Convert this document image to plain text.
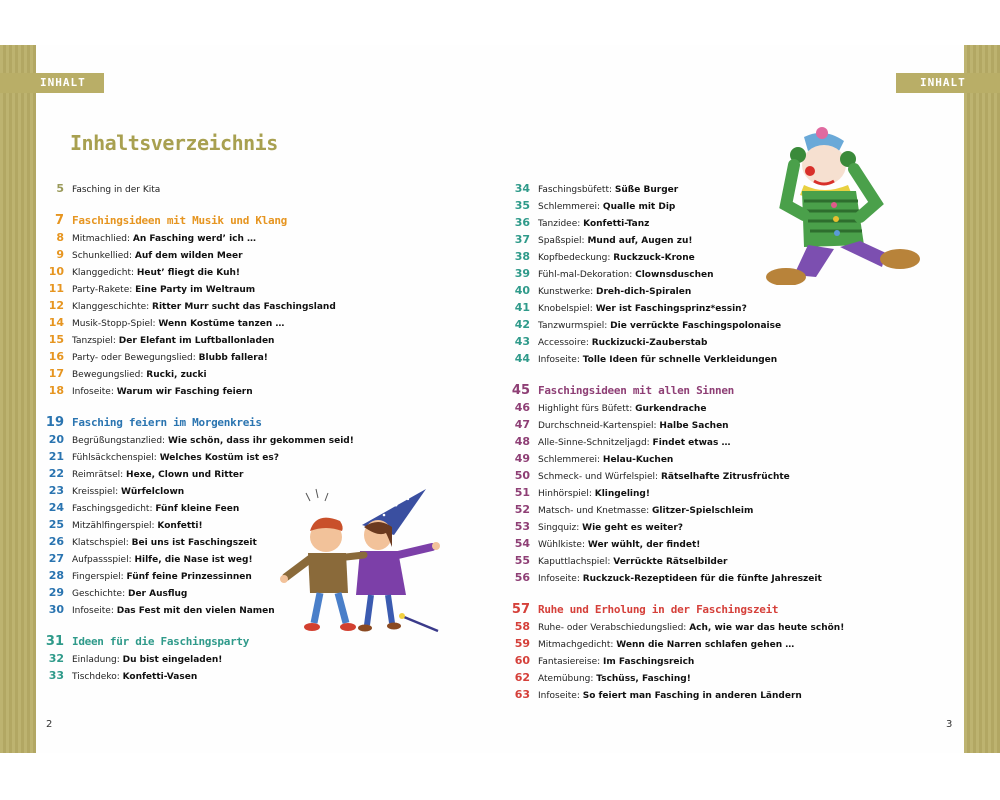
INHALT	INHALT
Inhaltsverzeichnis
5 Fasching in der Kita
7 Faschingsideen mit Musik und Klang
8 Mitmachlied: An Fasching werd’ ich …
9 Schunkellied: Auf dem wilden Meer
10 Klanggedicht: Heut’ fliegt die Kuh!
11 Party-Rakete: Eine Party im Weltraum
12 Klanggeschichte: Ritter Murr sucht das Faschingsland
14 Musik-Stopp-Spiel: Wenn Kostüme tanzen …
15 Tanzspiel: Der Elefant im Luftballonladen
16 Party- oder Bewegungslied: Blubb fallera!
17 Bewegungslied: Rucki, zucki
18 Infoseite: Warum wir Fasching feiern
19 Fasching feiern im Morgenkreis
20 Begrüßungstanzlied: Wie schön, dass ihr gekommen seid!
21 Fühlsäckchenspiel: Welches Kostüm ist es?
22 Reimrätsel: Hexe, Clown und Ritter
23 Kreisspiel: Würfelclown
24 Faschingsgedicht: Fünf kleine Feen
25 Mitzählfingerspiel: Konfetti!
26 Klatschspiel: Bei uns ist Faschingszeit
27 Aufpassspiel: Hilfe, die Nase ist weg!
28 Fingerspiel: Fünf feine Prinzessinnen
29 Geschichte: Der Ausflug
30 Infoseite: Das Fest mit den vielen Namen
31 Ideen für die Faschingsparty
32 Einladung: Du bist eingeladen!
33 Tischdeko: Konfetti-Vasen
34 Faschingsbüfett: Süße Burger
35 Schlemmerei: Qualle mit Dip
36 Tanzidee: Konfetti-Tanz
37 Spaßspiel: Mund auf, Augen zu!
38 Kopfbedeckung: Ruckzuck-Krone
39 Fühl-mal-Dekoration: Clownsduschen
40 Kunstwerke: Dreh-dich-Spiralen
41 Knobelspiel: Wer ist Faschingsprinz*essin?
42 Tanzwurmspiel: Die verrückte Faschingspolonaise
43 Accessoire: Ruckizucki-Zauberstab
44 Infoseite: Tolle Ideen für schnelle Verkleidungen
45 Faschingsideen mit allen Sinnen
46 Highlight fürs Büfett: Gurkendrache
47 Durchschneid-Kartenspiel: Halbe Sachen
48 Alle-Sinne-Schnitzeljagd: Findet etwas …
49 Schlemmerei: Helau-Kuchen
50 Schmeck- und Würfelspiel: Rätselhafte Zitrusfrüchte
51 Hinhörspiel: Klingeling!
52 Matsch- und Knetmasse: Glitzer-Spielschleim
53 Singquiz: Wie geht es weiter?
54 Wühlkiste: Wer wühlt, der findet!
55 Kaputtlachspiel: Verrückte Rätselbilder
56 Infoseite: Ruckzuck-Rezeptideen für die fünfte Jahreszeit
57 Ruhe und Erholung in der Faschingszeit
58 Ruhe- oder Verabschiedungslied: Ach, wie war das heute schön!
59 Mitmachgedicht: Wenn die Narren schlafen gehen …
60 Fantasiereise: Im Faschingsreich
62 Atemübung: Tschüss, Fasching!
63 Infoseite: So feiert man Fasching in anderen Ländern
2	3
